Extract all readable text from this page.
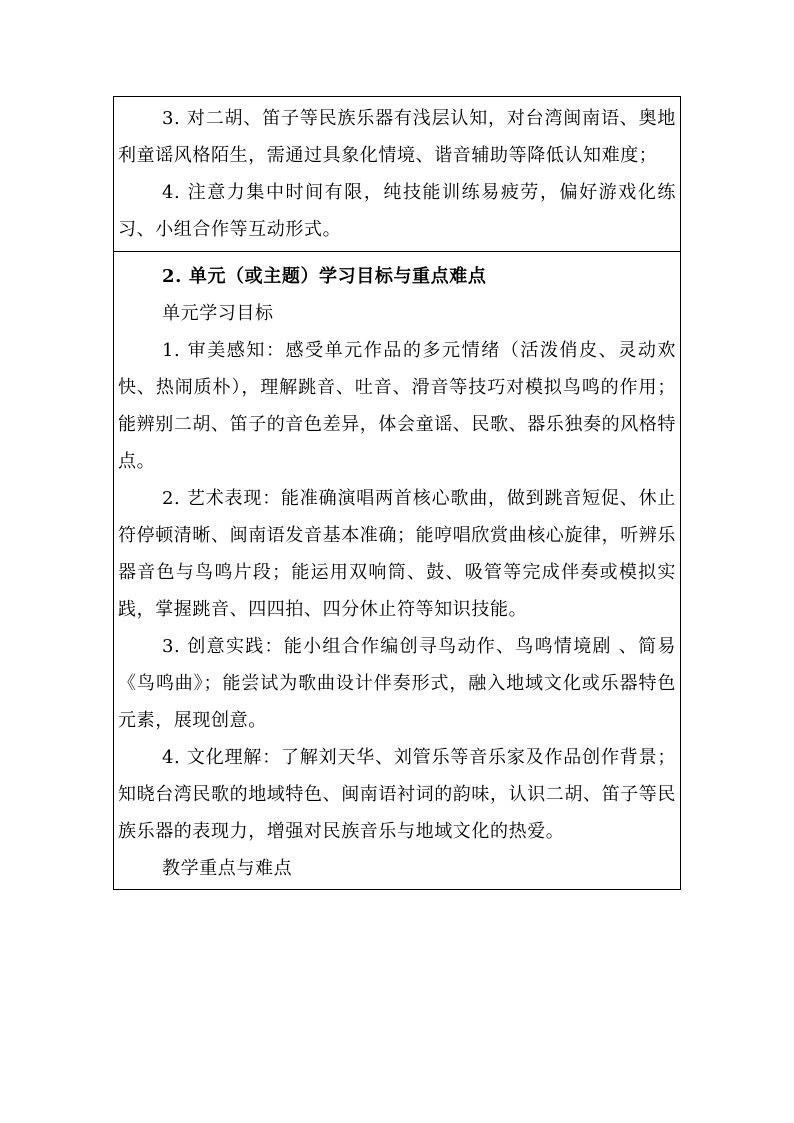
3. 对二胡、笛子等民族乐器有浅层认知，对台湾闽南语、奥地利童谣风格陌生，需通过具象化情境、谐音辅助等降低认知难度；

4. 注意力集中时间有限，纯技能训练易疲劳，偏好游戏化练习、小组合作等互动形式。

2. 单元（或主题）学习目标与重点难点

单元学习目标

1. 审美感知：感受单元作品的多元情绪（活泼俏皮、灵动欢快、热闹质朴），理解跳音、吐音、滑音等技巧对模拟鸟鸣的作用；能辨别二胡、笛子的音色差异，体会童谣、民歌、器乐独奏的风格特点。

2. 艺术表现：能准确演唱两首核心歌曲，做到跳音短促、休止符停顿清晰、闽南语发音基本准确；能哼唱欣赏曲核心旋律，听辨乐器音色与鸟鸣片段；能运用双响筒、鼓、吸管等完成伴奏或模拟实践，掌握跳音、四四拍、四分休止符等知识技能。

3. 创意实践：能小组合作编创寻鸟动作、鸟鸣情境剧 、简易《鸟鸣曲》；能尝试为歌曲设计伴奏形式，融入地域文化或乐器特色元素，展现创意。

4. 文化理解：了解刘天华、刘管乐等音乐家及作品创作背景；知晓台湾民歌的地域特色、闽南语衬词的韵味，认识二胡、笛子等民族乐器的表现力，增强对民族音乐与地域文化的热爱。

教学重点与难点
